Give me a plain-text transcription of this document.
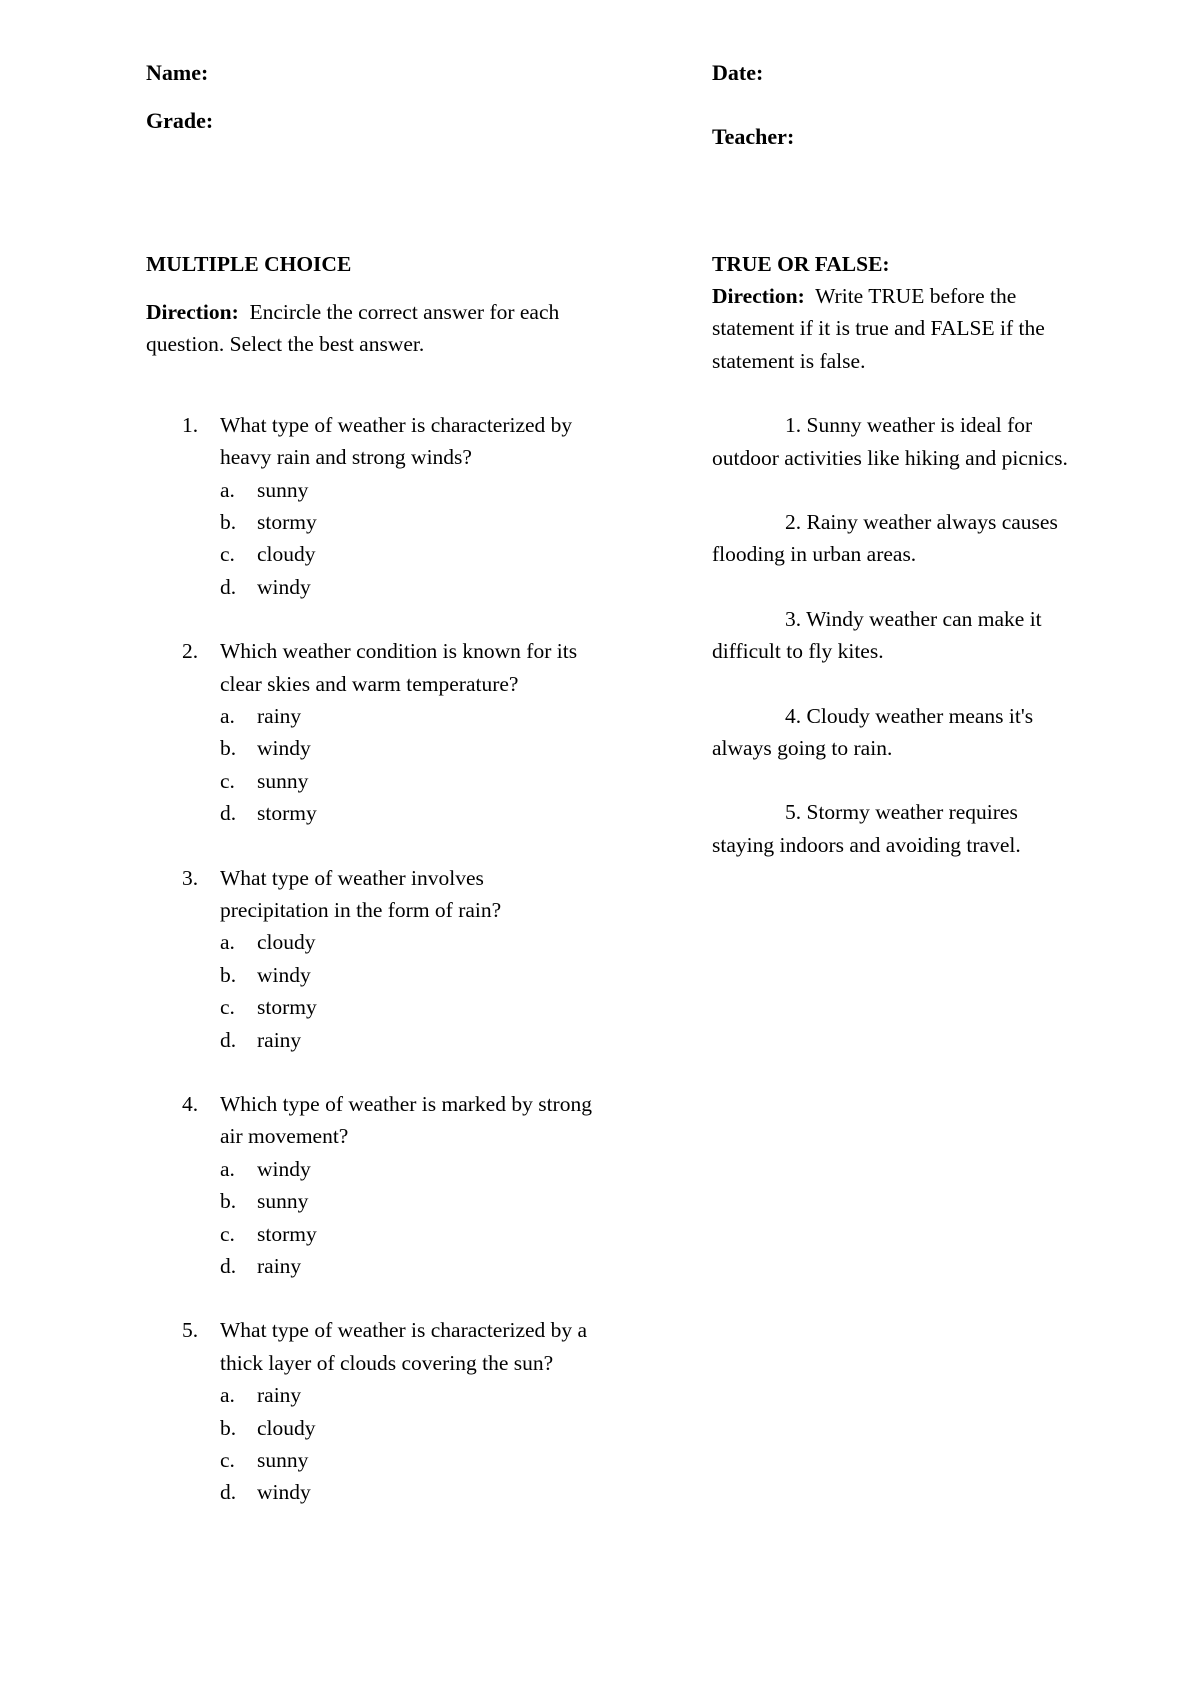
Name:
Grade:
Date:
Teacher:

MULTIPLE CHOICE

Direction: Encircle the correct answer for each question. Select the best answer.

1.	What type of weather is characterized by heavy rain and strong winds?

a.	sunny
b. stormy
c.	cloudy
d. windy
2.	Which weather condition is known for its clear skies and warm temperature?

a.	rainy
b. windy
c.	sunny
d. stormy
3.	What type of weather involves precipitation in the form of rain?

a.	cloudy
b. windy
c.	stormy
d. rainy
4.	Which type of weather is marked by strong air movement?

a.	windy
b. sunny
c.	stormy
d. rainy
5.	What type of weather is characterized by a thick layer of clouds covering the sun?

a.	rainy
b. cloudy
c.	sunny
d. windy

TRUE OR FALSE:

Direction: Write TRUE before the statement if it is true and FALSE if the statement is false.

1. Sunny weather is ideal for outdoor activities like hiking and picnics.

2. Rainy weather always causes flooding in urban areas.

3. Windy weather can make it difficult to fly kites.

4. Cloudy weather means it's always going to rain.

5. Stormy weather requires staying indoors and avoiding travel.
